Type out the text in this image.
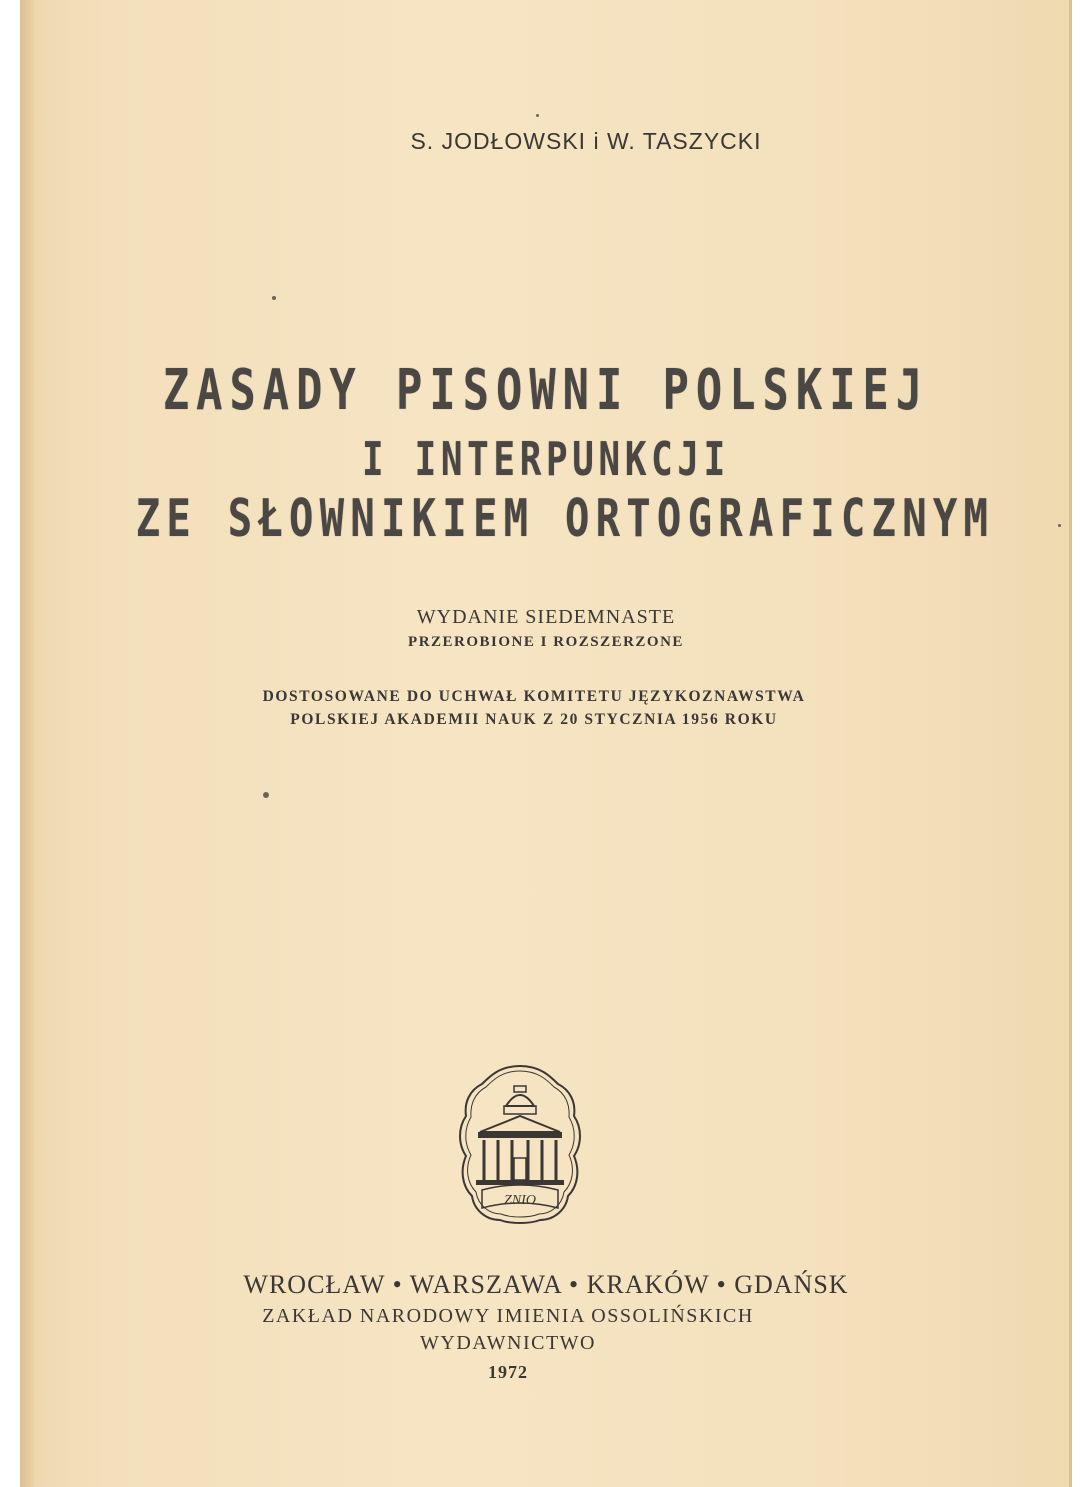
S. JODŁOWSKI i W. TASZYCKI
ZASADY PISOWNI POLSKIEJ
I INTERPUNKCJI
ZE SŁOWNIKIEM ORTOGRAFICZNYM
WYDANIE SIEDEMNASTE
PRZEROBIONE I ROZSZERZONE
DOSTOSOWANE DO UCHWAŁ KOMITETU JĘZYKOZNAWSTWA
POLSKIEJ AKADEMII NAUK Z 20 STYCZNIA 1956 ROKU
ZNIO
WROCŁAW • WARSZAWA • KRAKÓW • GDAŃSK
ZAKŁAD NARODOWY IMIENIA OSSOLIŃSKICH
WYDAWNICTWO
1972
